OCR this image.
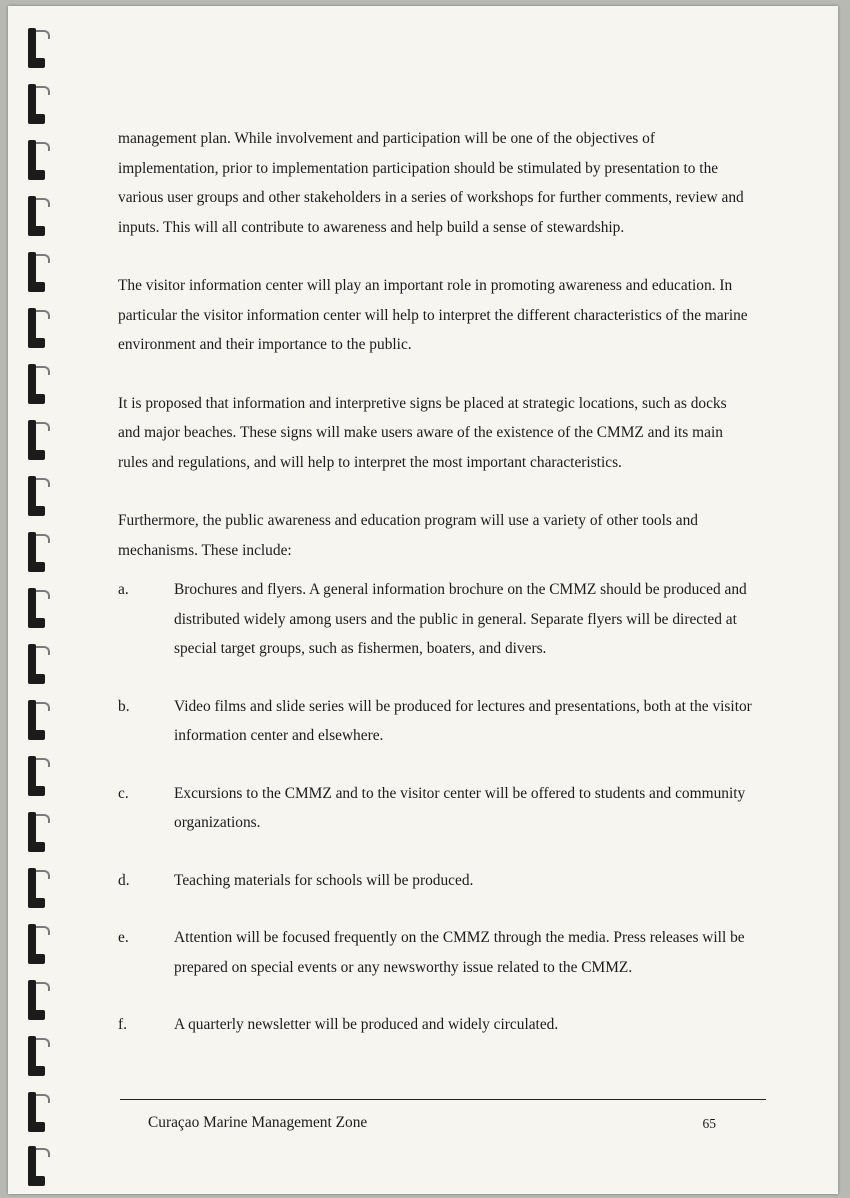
management plan. While involvement and participation will be one of the objectives of implementation, prior to implementation participation should be stimulated by presentation to the various user groups and other stakeholders in a series of workshops for further comments, review and inputs. This will all contribute to awareness and help build a sense of stewardship.

The visitor information center will play an important role in promoting awareness and education. In particular the visitor information center will help to interpret the different characteristics of the marine environment and their importance to the public.

It is proposed that information and interpretive signs be placed at strategic locations, such as docks and major beaches. These signs will make users aware of the existence of the CMMZ and its main rules and regulations, and will help to interpret the most important characteristics.

Furthermore, the public awareness and education program will use a variety of other tools and mechanisms. These include:

a.	Brochures and flyers. A general information brochure on the CMMZ should be produced and distributed widely among users and the public in general. Separate flyers will be directed at special target groups, such as fishermen, boaters, and divers.
b.	Video films and slide series will be produced for lectures and presentations, both at the visitor information center and elsewhere.
c.	Excursions to the CMMZ and to the visitor center will be offered to students and community organizations.
d.	Teaching materials for schools will be produced.
e.	Attention will be focused frequently on the CMMZ through the media. Press releases will be prepared on special events or any newsworthy issue related to the CMMZ.
f.	A quarterly newsletter will be produced and widely circulated.
Curaçao Marine Management Zone	65
